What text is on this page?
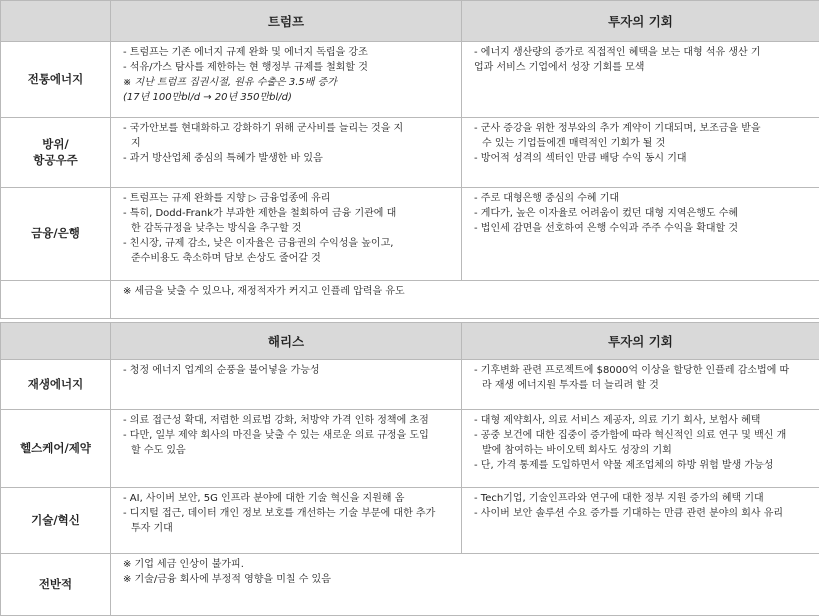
	트럼프	투자의 기회
전통에너지	- 트럼프는 기존 에너지 규제 완화 및 에너지 독립을 강조
- 석유/가스 탐사를 제한하는 현 행정부 규제를 철회할 것
※ 지난 트럼프 집권시절, 원유 수출은 3.5배 증가
(17년 100만bl/d → 20년 350만bl/d)	- 에너지 생산량의 증가로 직접적인 혜택을 보는 대형 석유 생산 기
업과 서비스 기업에서 성장 기회를 모색

방위/
항공우주	- 국가안보를 현대화하고 강화하기 위해 군사비를 늘리는 것을 지
지
- 과거 방산업체 중심의 특혜가 발생한 바 있음	- 군사 증강을 위한 정부와의 추가 계약이 기대되며, 보조금을 받을
수 있는 기업들에겐 매력적인 기회가 될 것
- 방어적 성격의 섹터인 만큼 배당 수익 동시 기대

금융/은행	- 트럼프는 규제 완화를 지향 ▷ 금융업종에 유리
- 특히, Dodd-Frank가 부과한 제한을 철회하여 금융 기관에 대
한 감독규정을 낮추는 방식을 추구할 것
- 친시장, 규제 감소, 낮은 이자율은 금융권의 수익성을 높이고,
준수비용도 축소하며 담보 손상도 줄어갈 것	- 주로 대형은행 중심의 수혜 기대
- 게다가, 높은 이자율로 어려움이 컸던 대형 지역은행도 수혜
- 법인세 감면을 선호하여 은행 수익과 주주 수익을 확대할 것

	※ 세금을 낮출 수 있으나, 재정적자가 커지고 인플레 압력을 유도	

	해리스	투자의 기회
재생에너지	- 청정 에너지 업계의 순풍을 불어넣을 가능성	- 기후변화 관련 프로젝트에 $8000억 이상을 할당한 인플레 감소법에 따
라 재생 에너지원 투자를 더 늘리려 할 것

헬스케어/제약	- 의료 접근성 확대, 저렴한 의료법 강화, 처방약 가격 인하 정책에 초점
- 다만, 일부 제약 회사의 마진을 낮출 수 있는 새로운 의료 규정을 도입
할 수도 있음	- 대형 제약회사, 의료 서비스 제공자, 의료 기기 회사, 보험사 혜택
- 공중 보건에 대한 집중이 증가함에 따라 혁신적인 의료 연구 및 백신 개
발에 참여하는 바이오텍 회사도 성장의 기회
- 단, 가격 통제를 도입하면서 약물 제조업체의 하방 위험 발생 가능성

기술/혁신	- AI, 사이버 보안, 5G 인프라 분야에 대한 기술 혁신을 지원해 옴
- 디지털 접근, 데이터 개인 정보 보호를 개선하는 기술 부문에 대한 추가
투자 기대	- Tech기업, 기술인프라와 연구에 대한 정부 지원 증가의 혜택 기대
- 사이버 보안 솔루션 수요 증가를 기대하는 만큼 관련 분야의 회사 유리

전반적	※ 기업 세금 인상이 불가피.
※ 기술/금융 회사에 부정적 영향을 미칠 수 있음	
